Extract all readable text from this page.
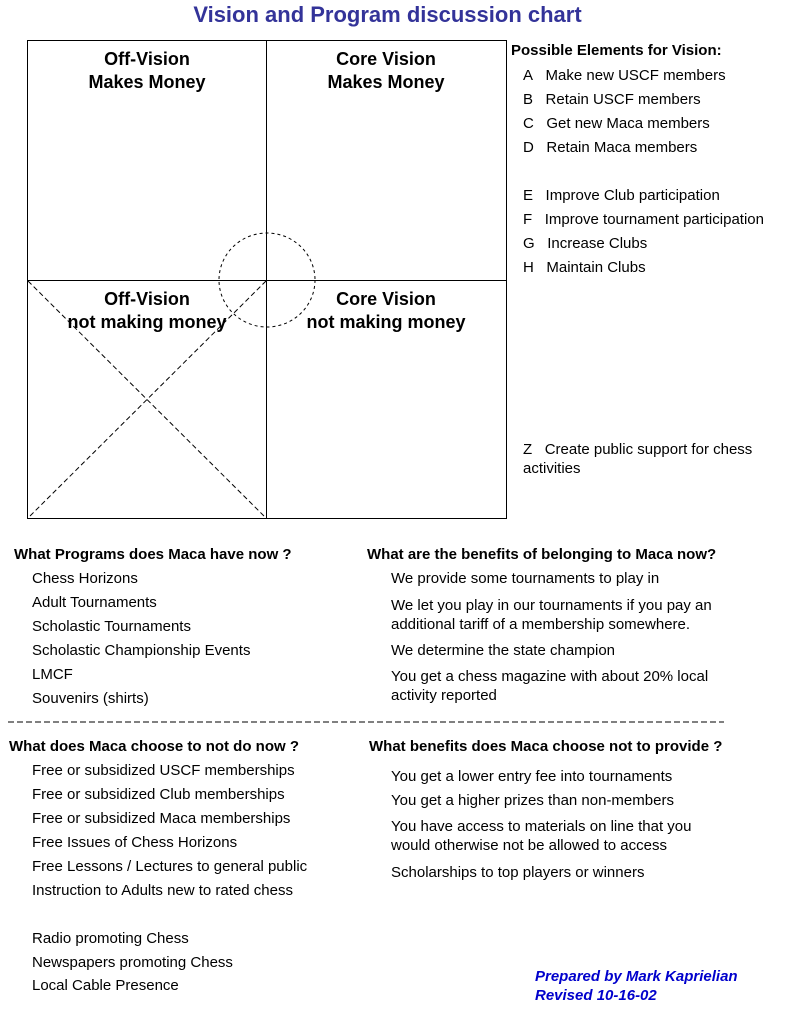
Vision and Program discussion chart
Off-Vision
Makes Money
Core Vision
Makes Money
Off-Vision
not making money
Core Vision
not making money
Possible Elements for Vision:
A Make new USCF members
B Retain USCF members
C Get new Maca members
D Retain Maca members
E Improve Club participation
F Improve tournament participation
G Increase Clubs
H Maintain Clubs
Z Create public support for chess
activities
What Programs does Maca have now ?
Chess Horizons
Adult Tournaments
Scholastic Tournaments
Scholastic Championship Events
LMCF
Souvenirs (shirts)
What are the benefits of belonging to Maca now?
We provide some tournaments to play in
We let you play in our tournaments if you pay an
additional tariff of a membership somewhere.
We determine the state champion
You get a chess magazine with about 20% local
activity reported
What does Maca choose to not do now ?
Free or subsidized USCF memberships
Free or subsidized Club memberships
Free or subsidized Maca memberships
Free Issues of Chess Horizons
Free Lessons / Lectures to general public
Instruction to Adults new to rated chess
Radio promoting Chess
Newspapers promoting Chess
Local Cable Presence
What benefits does Maca choose not to provide ?
You get a lower entry fee into tournaments
You get a higher prizes than non-members
You have access to materials on line that you
would otherwise not be allowed to access
Scholarships to top players or winners
Prepared by Mark Kaprielian
Revised 10-16-02
